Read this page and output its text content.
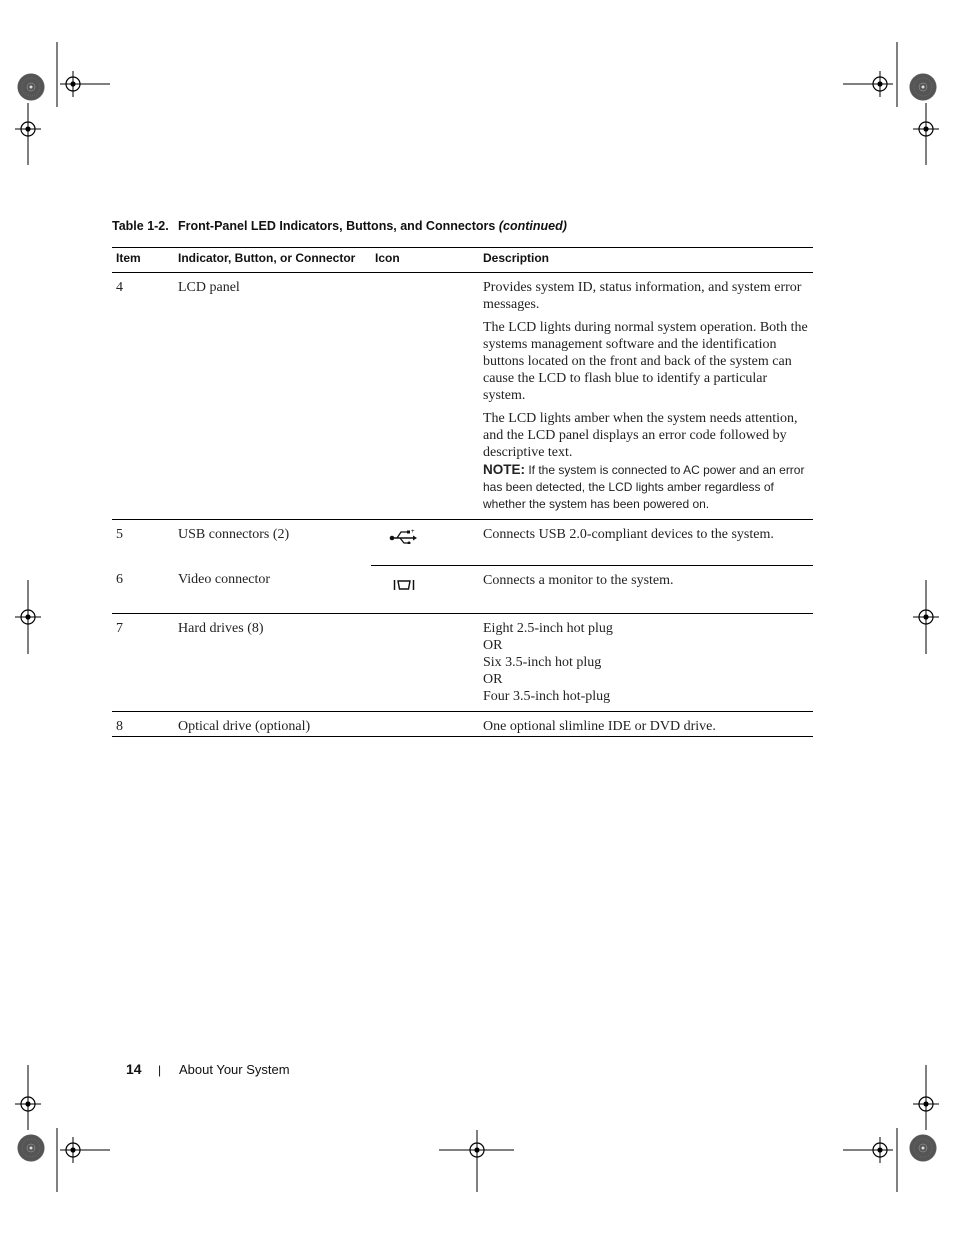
Table 1-2. Front-Panel LED Indicators, Buttons, and Connectors (continued)
Item	Indicator, Button, or Connector	Icon	Description
4	LCD panel		Provides system ID, status information, and system error messages.

The LCD lights during normal system operation. Both the systems management software and the identification buttons located on the front and back of the system can cause the LCD to flash blue to identify a particular system.

The LCD lights amber when the system needs attention, and the LCD panel displays an error code followed by descriptive text.

NOTE: If the system is connected to AC power and an error has been detected, the LCD lights amber regardless of whether the system has been powered on.

5	USB connectors (2)	+	Connects USB 2.0-compliant devices to the system.
6	Video connector		Connects a monitor to the system.
7	Hard drives (8)		Eight 2.5-inch hot plug
OR
Six 3.5-inch hot plug
OR
Four 3.5-inch hot-plug

8	Optical drive (optional)		One optional slimline IDE or DVD drive.
14 | About Your System
